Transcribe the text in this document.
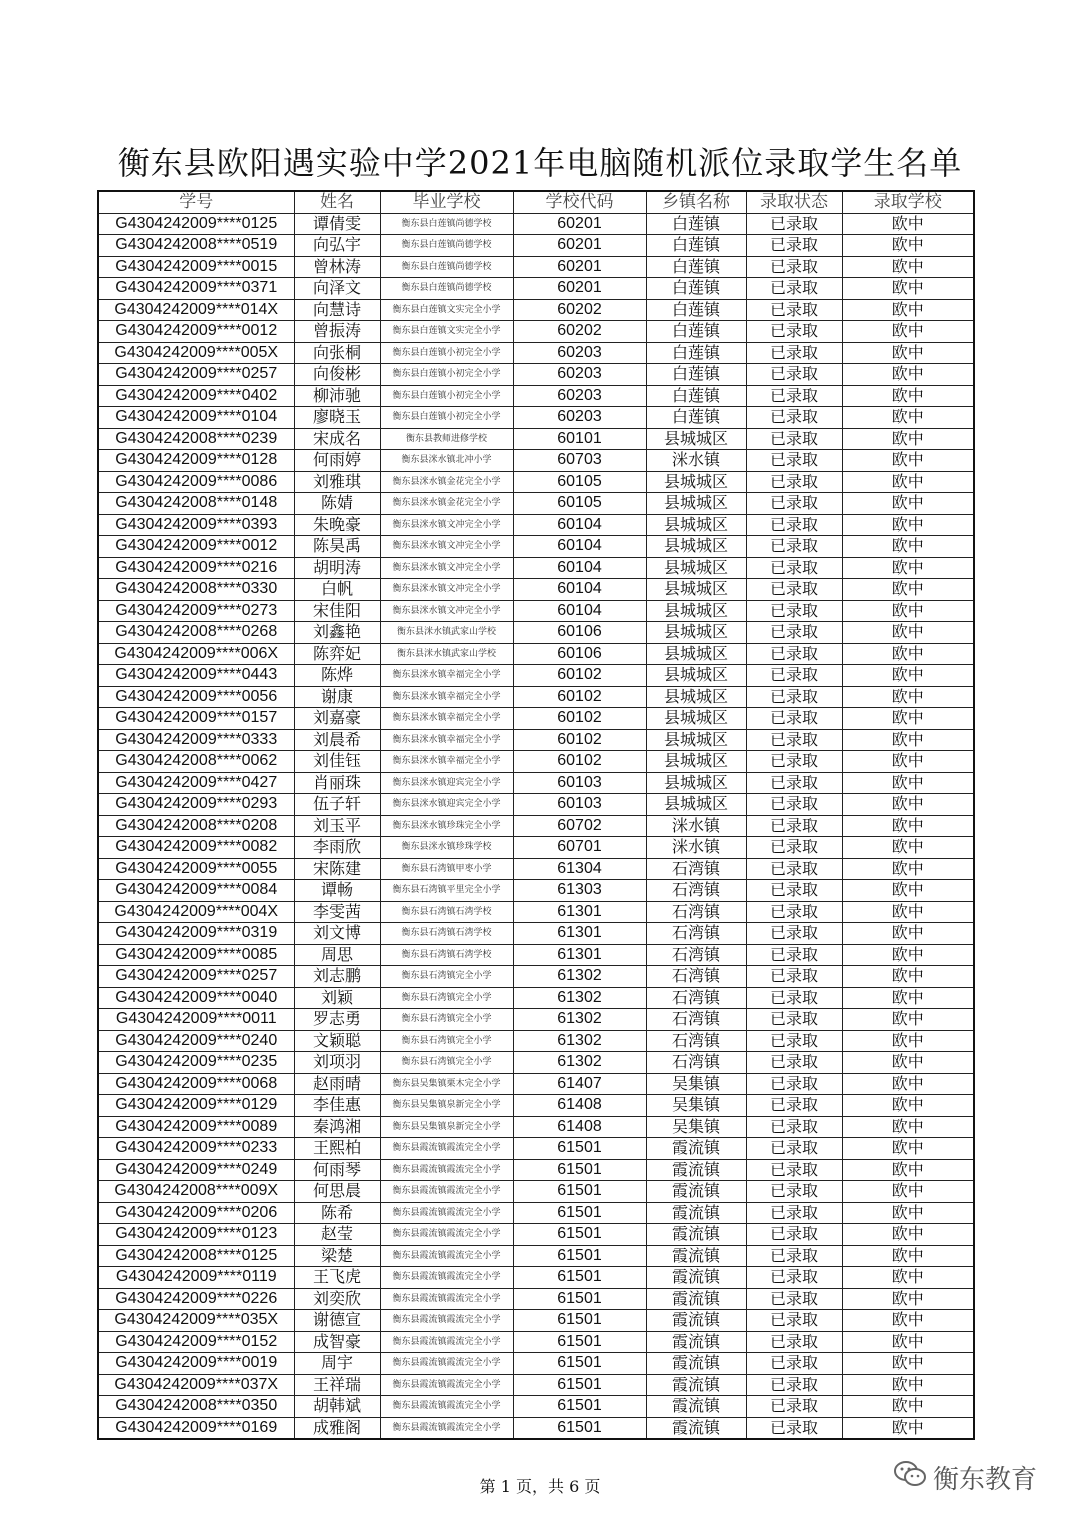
衡东县欧阳遇实验中学2021年电脑随机派位录取学生名单
学号	姓名	毕业学校	学校代码	乡镇名称	录取状态	录取学校
G4304242009****0125	谭倩雯	衡东县白莲镇尚德学校	60201	白莲镇	已录取	欧中
G4304242008****0519	向弘宇	衡东县白莲镇尚德学校	60201	白莲镇	已录取	欧中
G4304242009****0015	曾林涛	衡东县白莲镇尚德学校	60201	白莲镇	已录取	欧中
G4304242009****0371	向泽文	衡东县白莲镇尚德学校	60201	白莲镇	已录取	欧中
G4304242009****014X	向慧诗	衡东县白莲镇文实完全小学	60202	白莲镇	已录取	欧中
G4304242009****0012	曾振涛	衡东县白莲镇文实完全小学	60202	白莲镇	已录取	欧中
G4304242009****005X	向张桐	衡东县白莲镇小初完全小学	60203	白莲镇	已录取	欧中
G4304242009****0257	向俊彬	衡东县白莲镇小初完全小学	60203	白莲镇	已录取	欧中
G4304242009****0402	柳沛驰	衡东县白莲镇小初完全小学	60203	白莲镇	已录取	欧中
G4304242009****0104	廖晓玉	衡东县白莲镇小初完全小学	60203	白莲镇	已录取	欧中
G4304242008****0239	宋成名	衡东县教师进修学校	60101	县城城区	已录取	欧中
G4304242009****0128	何雨婷	衡东县洣水镇北冲小学	60703	洣水镇	已录取	欧中
G4304242009****0086	刘雅琪	衡东县洣水镇金花完全小学	60105	县城城区	已录取	欧中
G4304242008****0148	陈婧	衡东县洣水镇金花完全小学	60105	县城城区	已录取	欧中
G4304242009****0393	朱晚豪	衡东县洣水镇文冲完全小学	60104	县城城区	已录取	欧中
G4304242009****0012	陈昊禹	衡东县洣水镇文冲完全小学	60104	县城城区	已录取	欧中
G4304242009****0216	胡明涛	衡东县洣水镇文冲完全小学	60104	县城城区	已录取	欧中
G4304242008****0330	白帆	衡东县洣水镇文冲完全小学	60104	县城城区	已录取	欧中
G4304242009****0273	宋佳阳	衡东县洣水镇文冲完全小学	60104	县城城区	已录取	欧中
G4304242008****0268	刘鑫艳	衡东县洣水镇武家山学校	60106	县城城区	已录取	欧中
G4304242009****006X	陈弈妃	衡东县洣水镇武家山学校	60106	县城城区	已录取	欧中
G4304242009****0443	陈烨	衡东县洣水镇幸福完全小学	60102	县城城区	已录取	欧中
G4304242009****0056	谢康	衡东县洣水镇幸福完全小学	60102	县城城区	已录取	欧中
G4304242009****0157	刘嘉豪	衡东县洣水镇幸福完全小学	60102	县城城区	已录取	欧中
G4304242009****0333	刘晨希	衡东县洣水镇幸福完全小学	60102	县城城区	已录取	欧中
G4304242008****0062	刘佳钰	衡东县洣水镇幸福完全小学	60102	县城城区	已录取	欧中
G4304242009****0427	肖丽珠	衡东县洣水镇迎宾完全小学	60103	县城城区	已录取	欧中
G4304242009****0293	伍子轩	衡东县洣水镇迎宾完全小学	60103	县城城区	已录取	欧中
G4304242008****0208	刘玉平	衡东县洣水镇珍珠完全小学	60702	洣水镇	已录取	欧中
G4304242009****0082	李雨欣	衡东县洣水镇珍珠学校	60701	洣水镇	已录取	欧中
G4304242009****0055	宋陈建	衡东县石湾镇甲枣小学	61304	石湾镇	已录取	欧中
G4304242009****0084	谭畅	衡东县石湾镇平里完全小学	61303	石湾镇	已录取	欧中
G4304242009****004X	李雯茜	衡东县石湾镇石湾学校	61301	石湾镇	已录取	欧中
G4304242009****0319	刘文博	衡东县石湾镇石湾学校	61301	石湾镇	已录取	欧中
G4304242009****0085	周思	衡东县石湾镇石湾学校	61301	石湾镇	已录取	欧中
G4304242009****0257	刘志鹏	衡东县石湾镇完全小学	61302	石湾镇	已录取	欧中
G4304242009****0040	刘颖	衡东县石湾镇完全小学	61302	石湾镇	已录取	欧中
G4304242009****0011	罗志勇	衡东县石湾镇完全小学	61302	石湾镇	已录取	欧中
G4304242009****0240	文颖聪	衡东县石湾镇完全小学	61302	石湾镇	已录取	欧中
G4304242009****0235	刘项羽	衡东县石湾镇完全小学	61302	石湾镇	已录取	欧中
G4304242009****0068	赵雨晴	衡东县吴集镇栗木完全小学	61407	吴集镇	已录取	欧中
G4304242009****0129	李佳惠	衡东县吴集镇泉新完全小学	61408	吴集镇	已录取	欧中
G4304242009****0089	秦鸿湘	衡东县吴集镇泉新完全小学	61408	吴集镇	已录取	欧中
G4304242009****0233	王熙柏	衡东县霞流镇霞流完全小学	61501	霞流镇	已录取	欧中
G4304242009****0249	何雨琴	衡东县霞流镇霞流完全小学	61501	霞流镇	已录取	欧中
G4304242008****009X	何思晨	衡东县霞流镇霞流完全小学	61501	霞流镇	已录取	欧中
G4304242009****0206	陈希	衡东县霞流镇霞流完全小学	61501	霞流镇	已录取	欧中
G4304242009****0123	赵莹	衡东县霞流镇霞流完全小学	61501	霞流镇	已录取	欧中
G4304242008****0125	梁楚	衡东县霞流镇霞流完全小学	61501	霞流镇	已录取	欧中
G4304242009****0119	王飞虎	衡东县霞流镇霞流完全小学	61501	霞流镇	已录取	欧中
G4304242009****0226	刘奕欣	衡东县霞流镇霞流完全小学	61501	霞流镇	已录取	欧中
G4304242009****035X	谢德宣	衡东县霞流镇霞流完全小学	61501	霞流镇	已录取	欧中
G4304242009****0152	成智豪	衡东县霞流镇霞流完全小学	61501	霞流镇	已录取	欧中
G4304242009****0019	周宇	衡东县霞流镇霞流完全小学	61501	霞流镇	已录取	欧中
G4304242009****037X	王祥瑞	衡东县霞流镇霞流完全小学	61501	霞流镇	已录取	欧中
G4304242008****0350	胡韩斌	衡东县霞流镇霞流完全小学	61501	霞流镇	已录取	欧中
G4304242009****0169	成雅阁	衡东县霞流镇霞流完全小学	61501	霞流镇	已录取	欧中
第 1 页，共 6 页	衡东教育
